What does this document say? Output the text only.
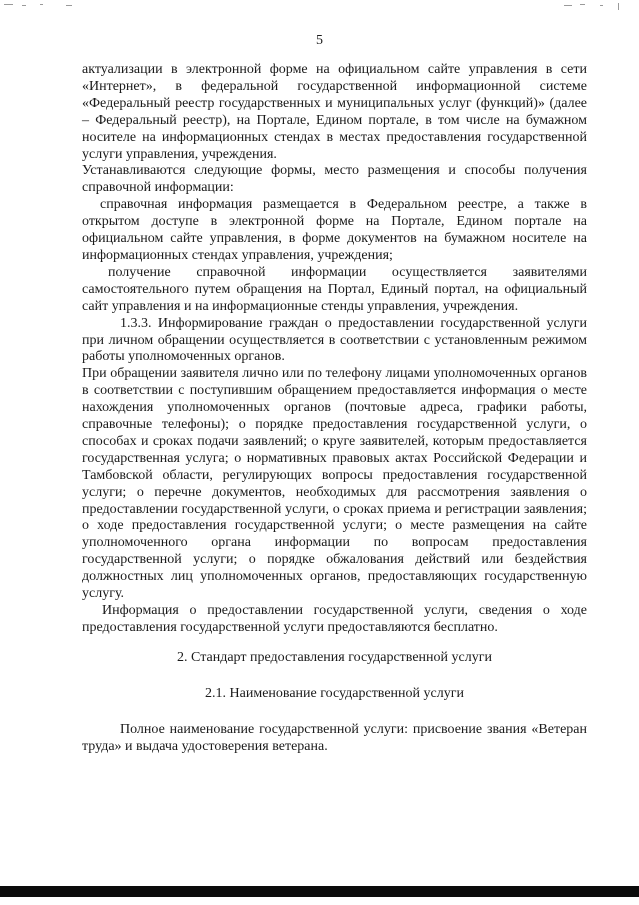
5

актуализации в электронной форме на официальном сайте управления в сети «Интернет», в федеральной государственной информационной системе «Федеральный реестр государственных и муниципальных услуг (функций)» (далее – Федеральный реестр), на Портале, Едином портале, в том числе на бумажном носителе на информационных стендах в местах предоставления государственной услуги управления, учреждения.

Устанавливаются следующие формы, место размещения и способы получения справочной информации:

справочная информация размещается в Федеральном реестре, а также в открытом доступе в электронной форме на Портале, Едином портале на официальном сайте управления, в форме документов на бумажном носителе на информационных стендах управления, учреждения;

получение справочной информации осуществляется заявителями самостоятельного путем обращения на Портал, Единый портал, на официальный сайт управления и на информационные стенды управления, учреждения.

1.3.3. Информирование граждан о предоставлении государственной услуги при личном обращении осуществляется в соответствии с установленным режимом работы уполномоченных органов.

При обращении заявителя лично или по телефону лицами уполномоченных органов в соответствии с поступившим обращением предоставляется информация о месте нахождения уполномоченных органов (почтовые адреса, графики работы, справочные телефоны); о порядке предоставления государственной услуги, о способах и сроках подачи заявлений; о круге заявителей, которым предоставляется государственная услуга; о нормативных правовых актах Российской Федерации и Тамбовской области, регулирующих вопросы предоставления государственной услуги; о перечне документов, необходимых для рассмотрения заявления о предоставлении государственной услуги, о сроках приема и регистрации заявления; о ходе предоставления государственной услуги; о месте размещения на сайте уполномоченного органа информации по вопросам предоставления государственной услуги; о порядке обжалования действий или бездействия должностных лиц уполномоченных органов, предоставляющих государственную услугу.

Информация о предоставлении государственной услуги, сведения о ходе предоставления государственной услуги предоставляются бесплатно.

2. Стандарт предоставления государственной услуги

2.1. Наименование государственной услуги

Полное наименование государственной услуги: присвоение звания «Ветеран труда» и выдача удостоверения ветерана.
